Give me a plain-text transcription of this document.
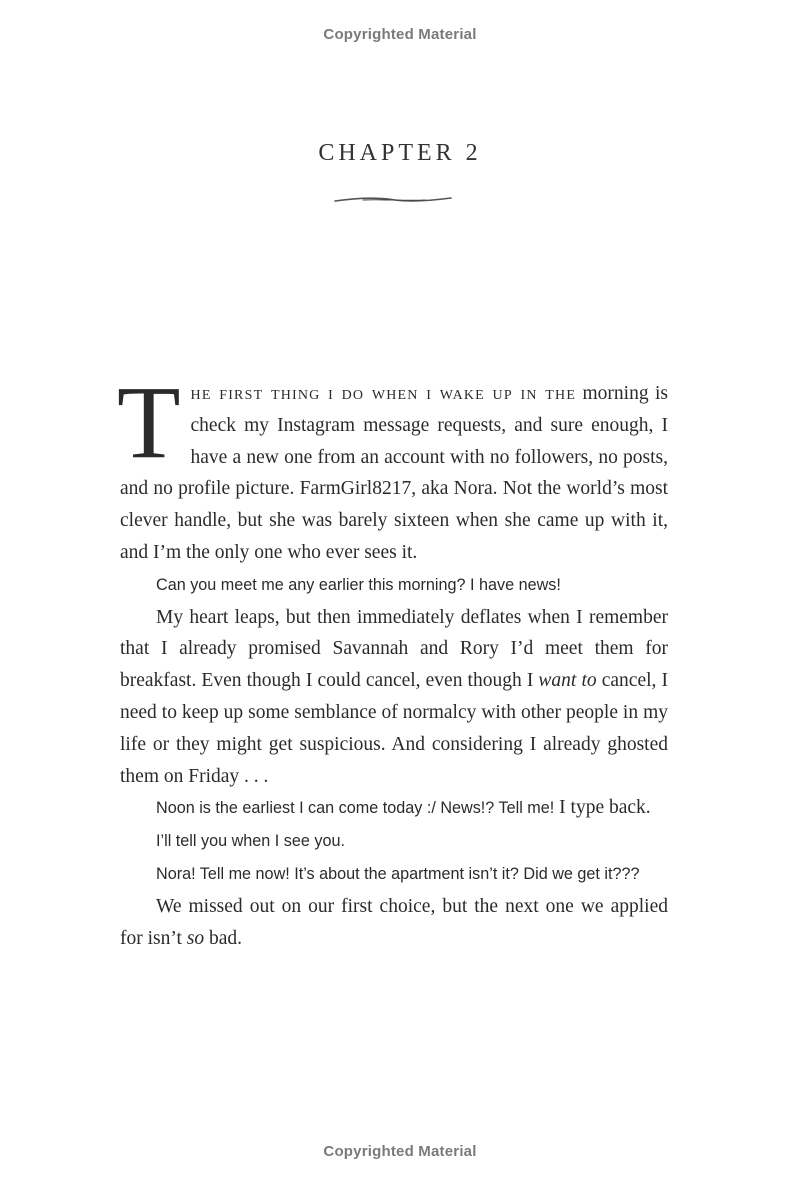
Copyrighted Material
CHAPTER 2

The first thing i do when i wake up in the morning is check my Instagram message requests, and sure enough, I have a new one from an account with no followers, no posts, and no profile picture. FarmGirl8217, aka Nora. Not the world’s most clever handle, but she was barely sixteen when she came up with it, and I’m the only one who ever sees it.

Can you meet me any earlier this morning? I have news!

My heart leaps, but then immediately deflates when I remember that I already promised Savannah and Rory I’d meet them for breakfast. Even though I could cancel, even though I want to cancel, I need to keep up some semblance of normalcy with other people in my life or they might get suspicious. And considering I already ghosted them on Friday . . .

Noon is the earliest I can come today :/ News!? Tell me! I type back.

I’ll tell you when I see you.

Nora! Tell me now! It’s about the apartment isn’t it? Did we get it???

We missed out on our first choice, but the next one we applied for isn’t so bad.

Copyrighted Material
